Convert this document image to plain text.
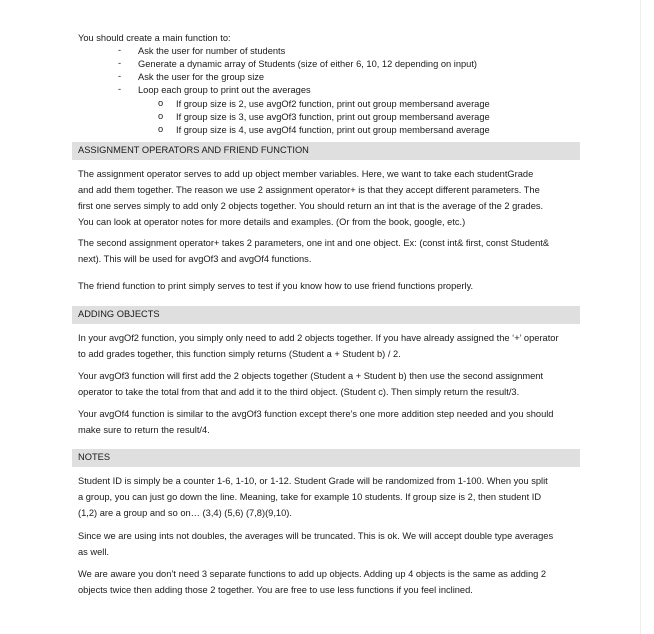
You should create a main function to:
- Ask the user for number of students
- Generate a dynamic array of Students (size of either 6, 10, 12 depending on input)
- Ask the user for the group size
- Loop each group to print out the averages
o If group size is 2, use avgOf2 function, print out group membersand average
o If group size is 3, use avgOf3 function, print out group membersand average
o If group size is 4, use avgOf4 function, print out group membersand average
ASSIGNMENT OPERATORS AND FRIEND FUNCTION
The assignment operator serves to add up object member variables. Here, we want to take each studentGrade
and add them together. The reason we use 2 assignment operator+ is that they accept different parameters. The
first one serves simply to add only 2 objects together. You should return an int that is the average of the 2 grades.
You can look at operator notes for more details and examples. (Or from the book, google, etc.)
The second assignment operator+ takes 2 parameters, one int and one object. Ex: (const int& first, const Student&
next). This will be used for avgOf3 and avgOf4 functions.
The friend function to print simply serves to test if you know how to use friend functions properly.
ADDING OBJECTS
In your avgOf2 function, you simply only need to add 2 objects together. If you have already assigned the ‘+’ operator
to add grades together, this function simply returns (Student a + Student b) / 2.
Your avgOf3 function will first add the 2 objects together (Student a + Student b) then use the second assignment
operator to take the total from that and add it to the third object. (Student c). Then simply return the result/3.
Your avgOf4 function is similar to the avgOf3 function except there’s one more addition step needed and you should
make sure to return the result/4.
NOTES
Student ID is simply be a counter 1-6, 1-10, or 1-12. Student Grade will be randomized from 1-100. When you split
a group, you can just go down the line. Meaning, take for example 10 students. If group size is 2, then student ID
(1,2) are a group and so on… (3,4) (5,6) (7,8)(9,10).
Since we are using ints not doubles, the averages will be truncated. This is ok. We will accept double type averages
as well.
We are aware you don’t need 3 separate functions to add up objects. Adding up 4 objects is the same as adding 2
objects twice then adding those 2 together. You are free to use less functions if you feel inclined.
